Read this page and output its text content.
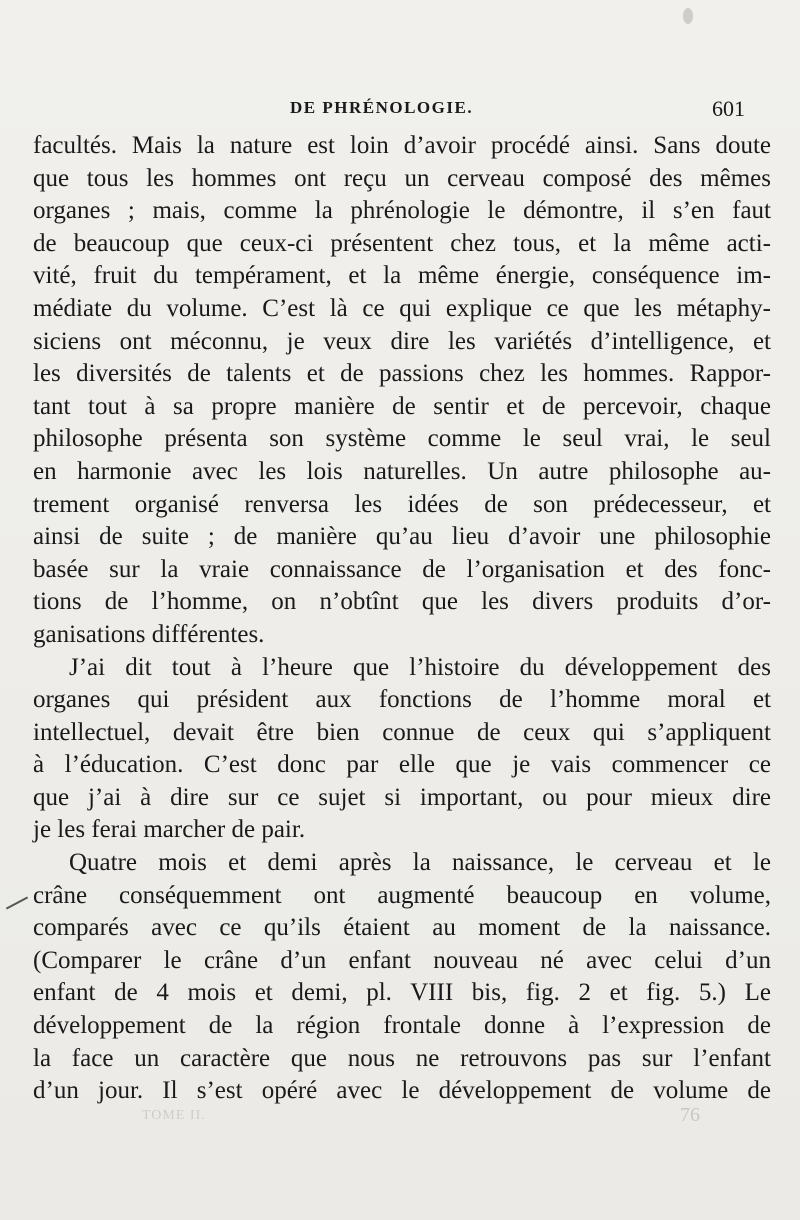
DE PHRÉNOLOGIE.	601
facultés. Mais la nature est loin d’avoir procédé ainsi. Sans doute
que tous les hommes ont reçu un cerveau composé des mêmes
organes ; mais, comme la phrénologie le démontre, il s’en faut
de beaucoup que ceux-ci présentent chez tous, et la même acti-
vité, fruit du tempérament, et la même énergie, conséquence im-
médiate du volume. C’est là ce qui explique ce que les métaphy-
siciens ont méconnu, je veux dire les variétés d’intelligence, et
les diversités de talents et de passions chez les hommes. Rappor-
tant tout à sa propre manière de sentir et de percevoir, chaque
philosophe présenta son système comme le seul vrai, le seul
en harmonie avec les lois naturelles. Un autre philosophe au-
trement organisé renversa les idées de son prédecesseur, et
ainsi de suite ; de manière qu’au lieu d’avoir une philosophie
basée sur la vraie connaissance de l’organisation et des fonc-
tions de l’homme, on n’obtînt que les divers produits d’or-
ganisations différentes.
J’ai dit tout à l’heure que l’histoire du développement des
organes qui président aux fonctions de l’homme moral et
intellectuel, devait être bien connue de ceux qui s’appliquent
à l’éducation. C’est donc par elle que je vais commencer ce
que j’ai à dire sur ce sujet si important, ou pour mieux dire
je les ferai marcher de pair.
Quatre mois et demi après la naissance, le cerveau et le
crâne conséquemment ont augmenté beaucoup en volume,
comparés avec ce qu’ils étaient au moment de la naissance.
(Comparer le crâne d’un enfant nouveau né avec celui d’un
enfant de 4 mois et demi, pl. VIII bis, fig. 2 et fig. 5.) Le
développement de la région frontale donne à l’expression de
la face un caractère que nous ne retrouvons pas sur l’enfant
d’un jour. Il s’est opéré avec le développement de volume de
TOME II.	76
